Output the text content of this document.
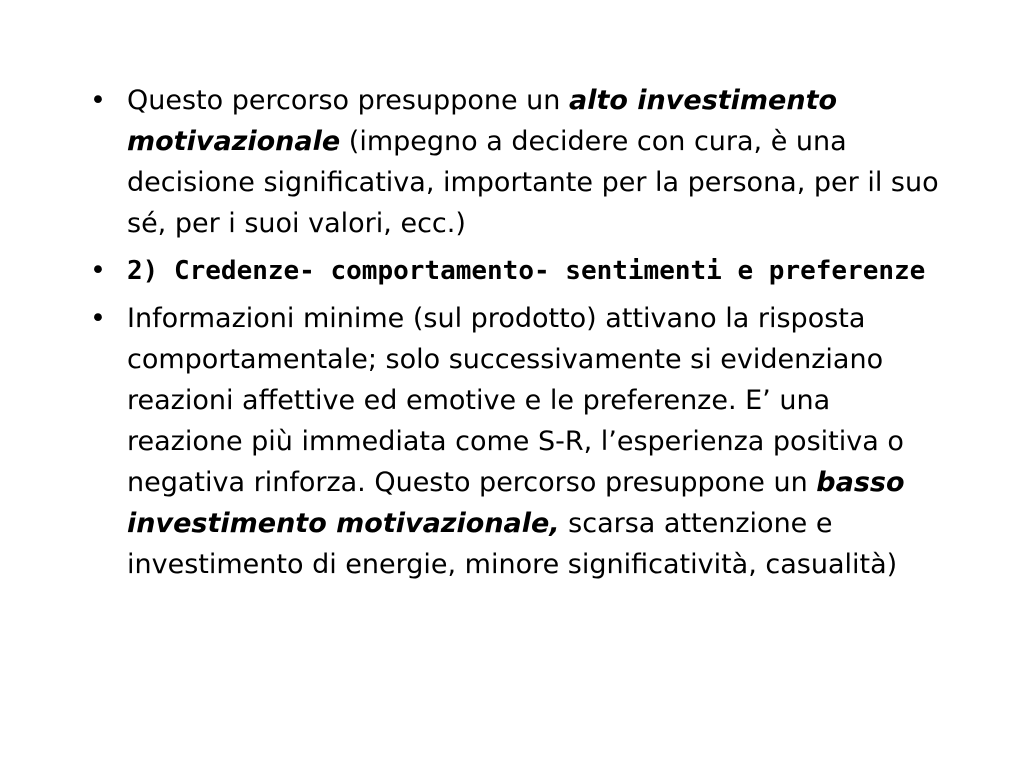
• Questo percorso presuppone un alto investimento motivazionale (impegno a decidere con cura, è una decisione significativa, importante per la persona, per il suo sé, per i suoi valori, ecc.)
• 2) Credenze- comportamento- sentimenti e preferenze
• Informazioni minime (sul prodotto) attivano la risposta comportamentale; solo successivamente si evidenziano reazioni affettive ed emotive e le preferenze. E’ una reazione più immediata come S-R, l’esperienza positiva o negativa rinforza. Questo percorso presuppone un basso investimento motivazionale, scarsa attenzione e investimento di energie, minore significatività, casualità)
